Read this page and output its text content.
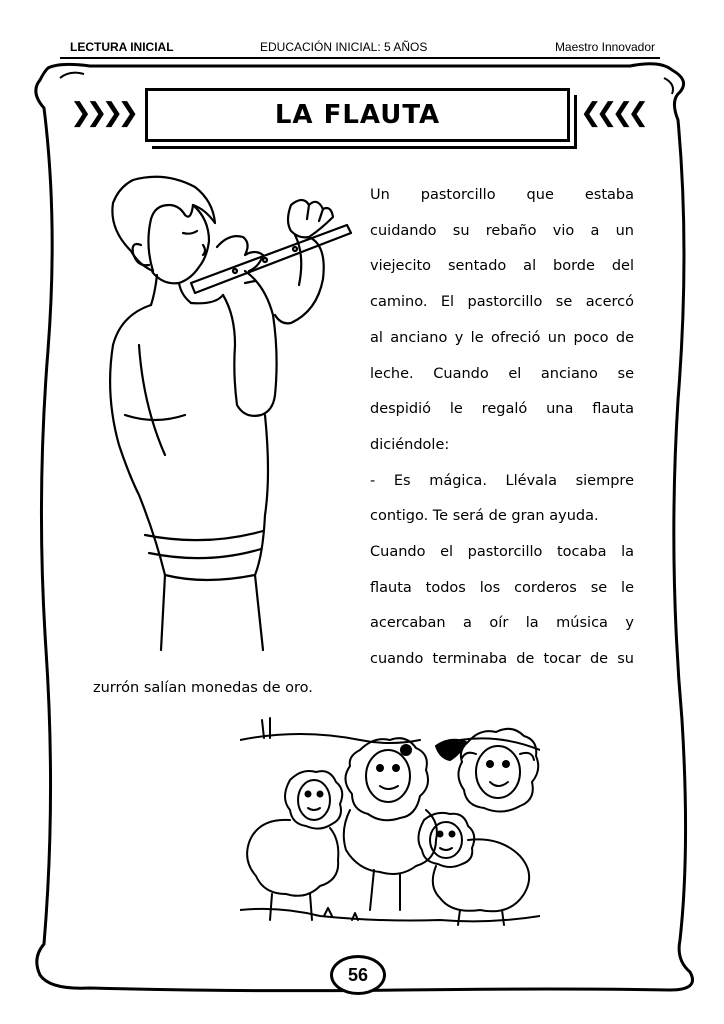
LECTURA INICIAL	EDUCACIÓN INICIAL: 5 AÑOS	Maestro Innovador
❯❯❯❯	LA FLAUTA	❮❮❮❮
Un pastorcillo que estaba
cuidando su rebaño vio a un
viejecito sentado al borde del
camino. El pastorcillo se acercó
al anciano y le ofreció un poco de
leche. Cuando el anciano se
despidió le regaló una flauta
diciéndole:
- Es mágica. Llévala siempre
contigo. Te será de gran ayuda.
Cuando el pastorcillo tocaba la
flauta todos los corderos se le
acercaban a oír la música y
cuando terminaba de tocar de su
zurrón salían monedas de oro.
56
